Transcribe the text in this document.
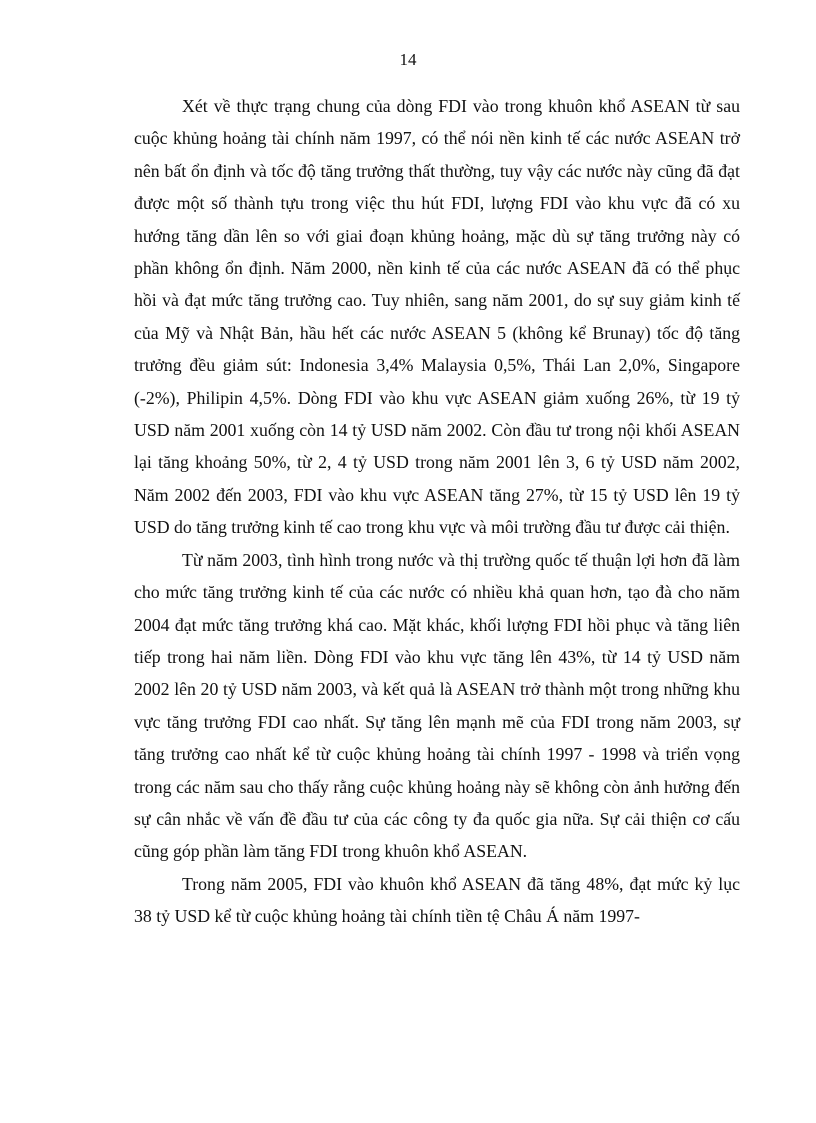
14

Xét về thực trạng chung của dòng FDI vào trong khuôn khổ ASEAN từ sau cuộc khủng hoảng tài chính năm 1997, có thể nói nền kinh tế các nước ASEAN trở nên bất ổn định và tốc độ tăng trưởng thất thường, tuy vậy các nước này cũng đã đạt được một số thành tựu trong việc thu hút FDI, lượng FDI vào khu vực đã có xu hướng tăng dần lên so với giai đoạn khủng hoảng, mặc dù sự tăng trưởng này có phần không ổn định. Năm 2000, nền kinh tế của các nước ASEAN đã có thể phục hồi và đạt mức tăng trưởng cao. Tuy nhiên, sang năm 2001, do sự suy giảm kinh tế của Mỹ và Nhật Bản, hầu hết các nước ASEAN 5 (không kể Brunay) tốc độ tăng trưởng đều giảm sút: Indonesia 3,4% Malaysia 0,5%, Thái Lan 2,0%, Singapore (-2%), Philipin 4,5%. Dòng FDI vào khu vực ASEAN giảm xuống 26%, từ 19 tỷ USD năm 2001 xuống còn 14 tỷ USD năm 2002. Còn đầu tư trong nội khối ASEAN lại tăng khoảng 50%, từ 2, 4 tỷ USD trong năm 2001 lên 3, 6 tỷ USD năm 2002, Năm 2002 đến 2003, FDI vào khu vực ASEAN tăng 27%, từ 15 tỷ USD lên 19 tỷ USD do tăng trưởng kinh tế cao trong khu vực và môi trường đầu tư được cải thiện.

Từ năm 2003, tình hình trong nước và thị trường quốc tế thuận lợi hơn đã làm cho mức tăng trưởng kinh tế của các nước có nhiều khả quan hơn, tạo đà cho năm 2004 đạt mức tăng trưởng khá cao. Mặt khác, khối lượng FDI hồi phục và tăng liên tiếp trong hai năm liền. Dòng FDI vào khu vực tăng lên 43%, từ 14 tỷ USD năm 2002 lên 20 tỷ USD năm 2003, và kết quả là ASEAN trở thành một trong những khu vực tăng trưởng FDI cao nhất. Sự tăng lên mạnh mẽ của FDI trong năm 2003, sự tăng trưởng cao nhất kể từ cuộc khủng hoảng tài chính 1997 - 1998 và triển vọng trong các năm sau cho thấy rằng cuộc khủng hoảng này sẽ không còn ảnh hưởng đến sự cân nhắc về vấn đề đầu tư của các công ty đa quốc gia nữa. Sự cải thiện cơ cấu cũng góp phần làm tăng FDI trong khuôn khổ ASEAN.

Trong năm 2005, FDI vào khuôn khổ ASEAN đã tăng 48%, đạt mức kỷ lục 38 tỷ USD kể từ cuộc khủng hoảng tài chính tiền tệ Châu Á năm 1997-
